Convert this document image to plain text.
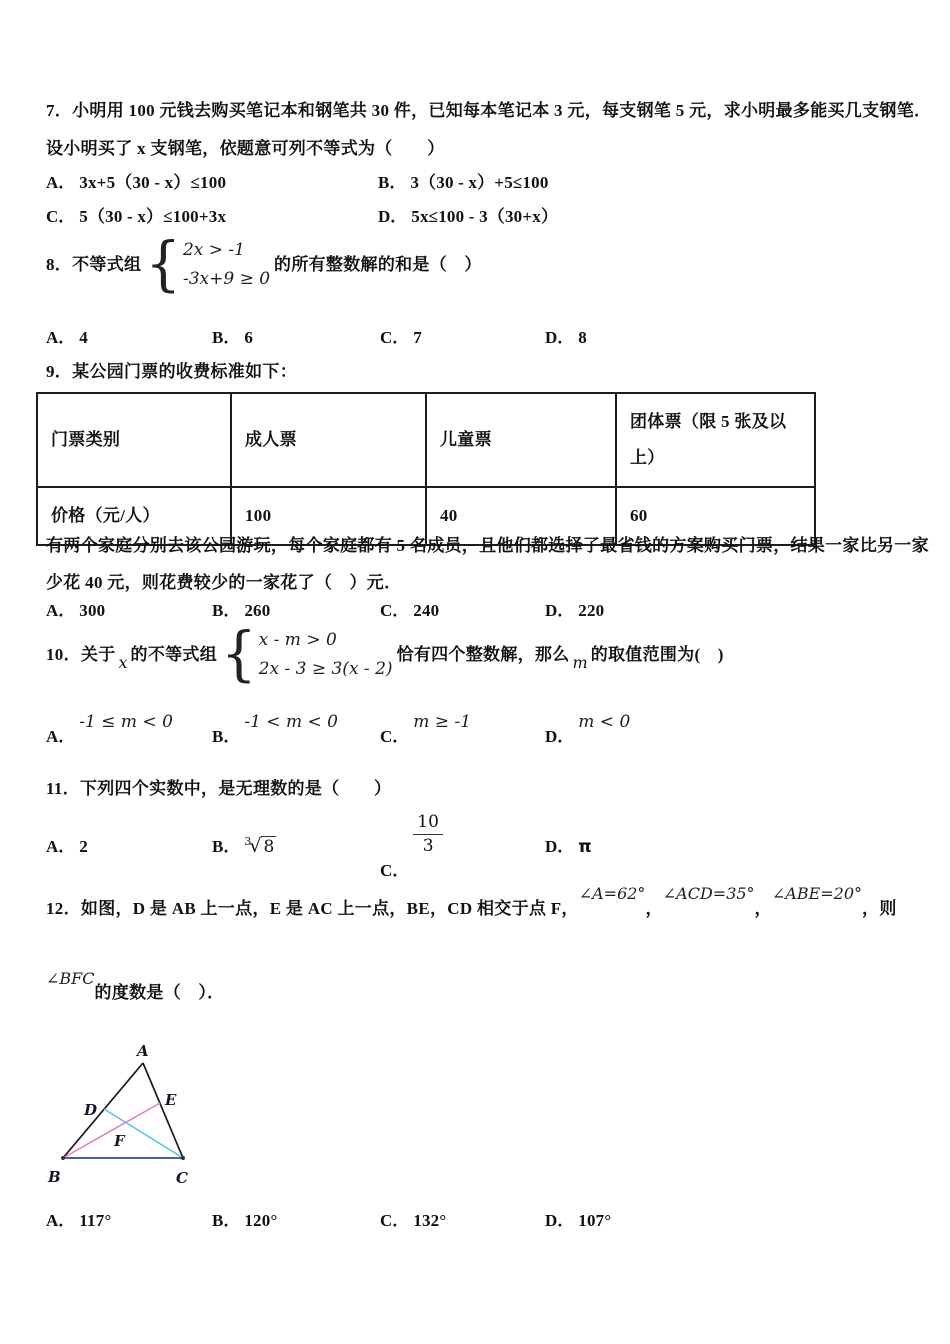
7．小明用 100 元钱去购买笔记本和钢笔共 30 件，已知每本笔记本 3 元，每支钢笔 5 元，求小明最多能买几支钢笔．
设小明买了 x 支钢笔，依题意可列不等式为（　　）
A． 3x+5（30 - x）≤100	B． 3（30 - x）+5≤100
C． 5（30 - x）≤100+3x	D． 5x≤100 - 3（30+x）
8．不等式组 { 2x > -1
-3x+9 ≥ 0
的所有整数解的和是（　）
A． 4	B． 6	C． 7	D． 8
9．某公园门票的收费标准如下：
门票类别	成人票	儿童票	团体票（限 5 张及以上）
价格（元/人）	100	40	60
有两个家庭分别去该公园游玩，每个家庭都有 5 名成员，且他们都选择了最省钱的方案购买门票，结果一家比另一家
少花 40 元，则花费较少的一家花了（　）元．
A． 300	B． 260	C． 240	D． 220
10．关于 x 的不等式组 { x - m > 0
2x - 3 ≥ 3(x - 2)
恰有四个整数解，那么 m 的取值范围为(　)
A．-1 ≤ m < 0
B．-1 < m < 0
C．m ≥ -1
D．m < 0
11．下列四个实数中，是无理数的是（　　）
A． 2	B． $^3$√ 8
C．
$\frac{10}{3}$	D． π
12．如图，D 是 AB 上一点，E 是 AC 上一点，BE，CD 相交于点 F，∠A=62°，∠ACD=35°，∠ABE=20°，则
∠BFC的度数是（　）．
A
B	C
D
E
F
A． 117°	B． 120°	C． 132°	D． 107°
